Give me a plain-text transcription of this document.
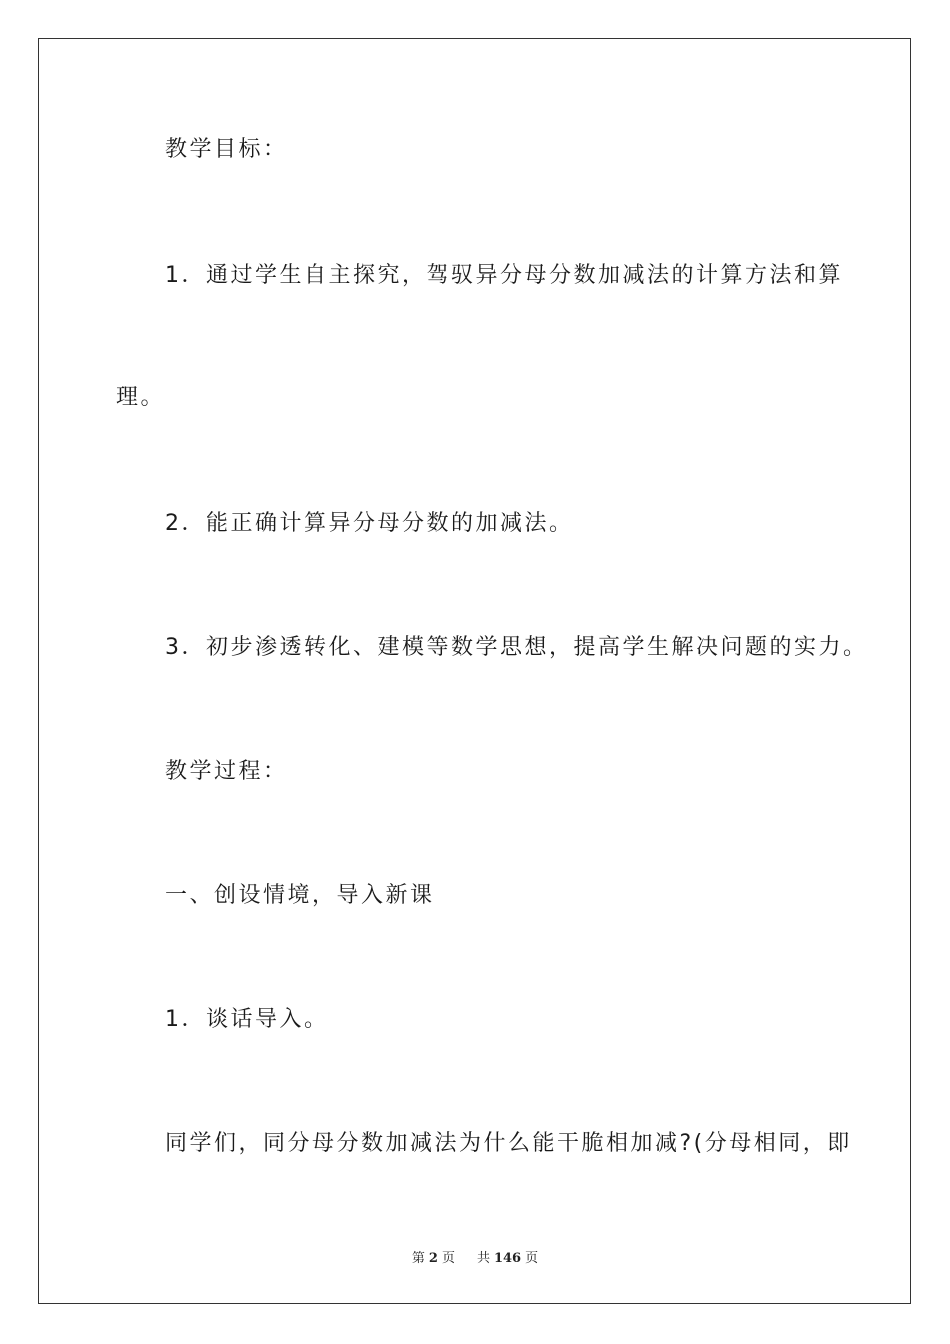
教学目标：
1．通过学生自主探究，驾驭异分母分数加减法的计算方法和算
理。
2．能正确计算异分母分数的加减法。
3．初步渗透转化、建模等数学思想，提高学生解决问题的实力。
教学过程：
一、创设情境，导入新课
1．谈话导入。
同学们，同分母分数加减法为什么能干脆相加减?(分母相同，即
第 2 页 共 146 页
